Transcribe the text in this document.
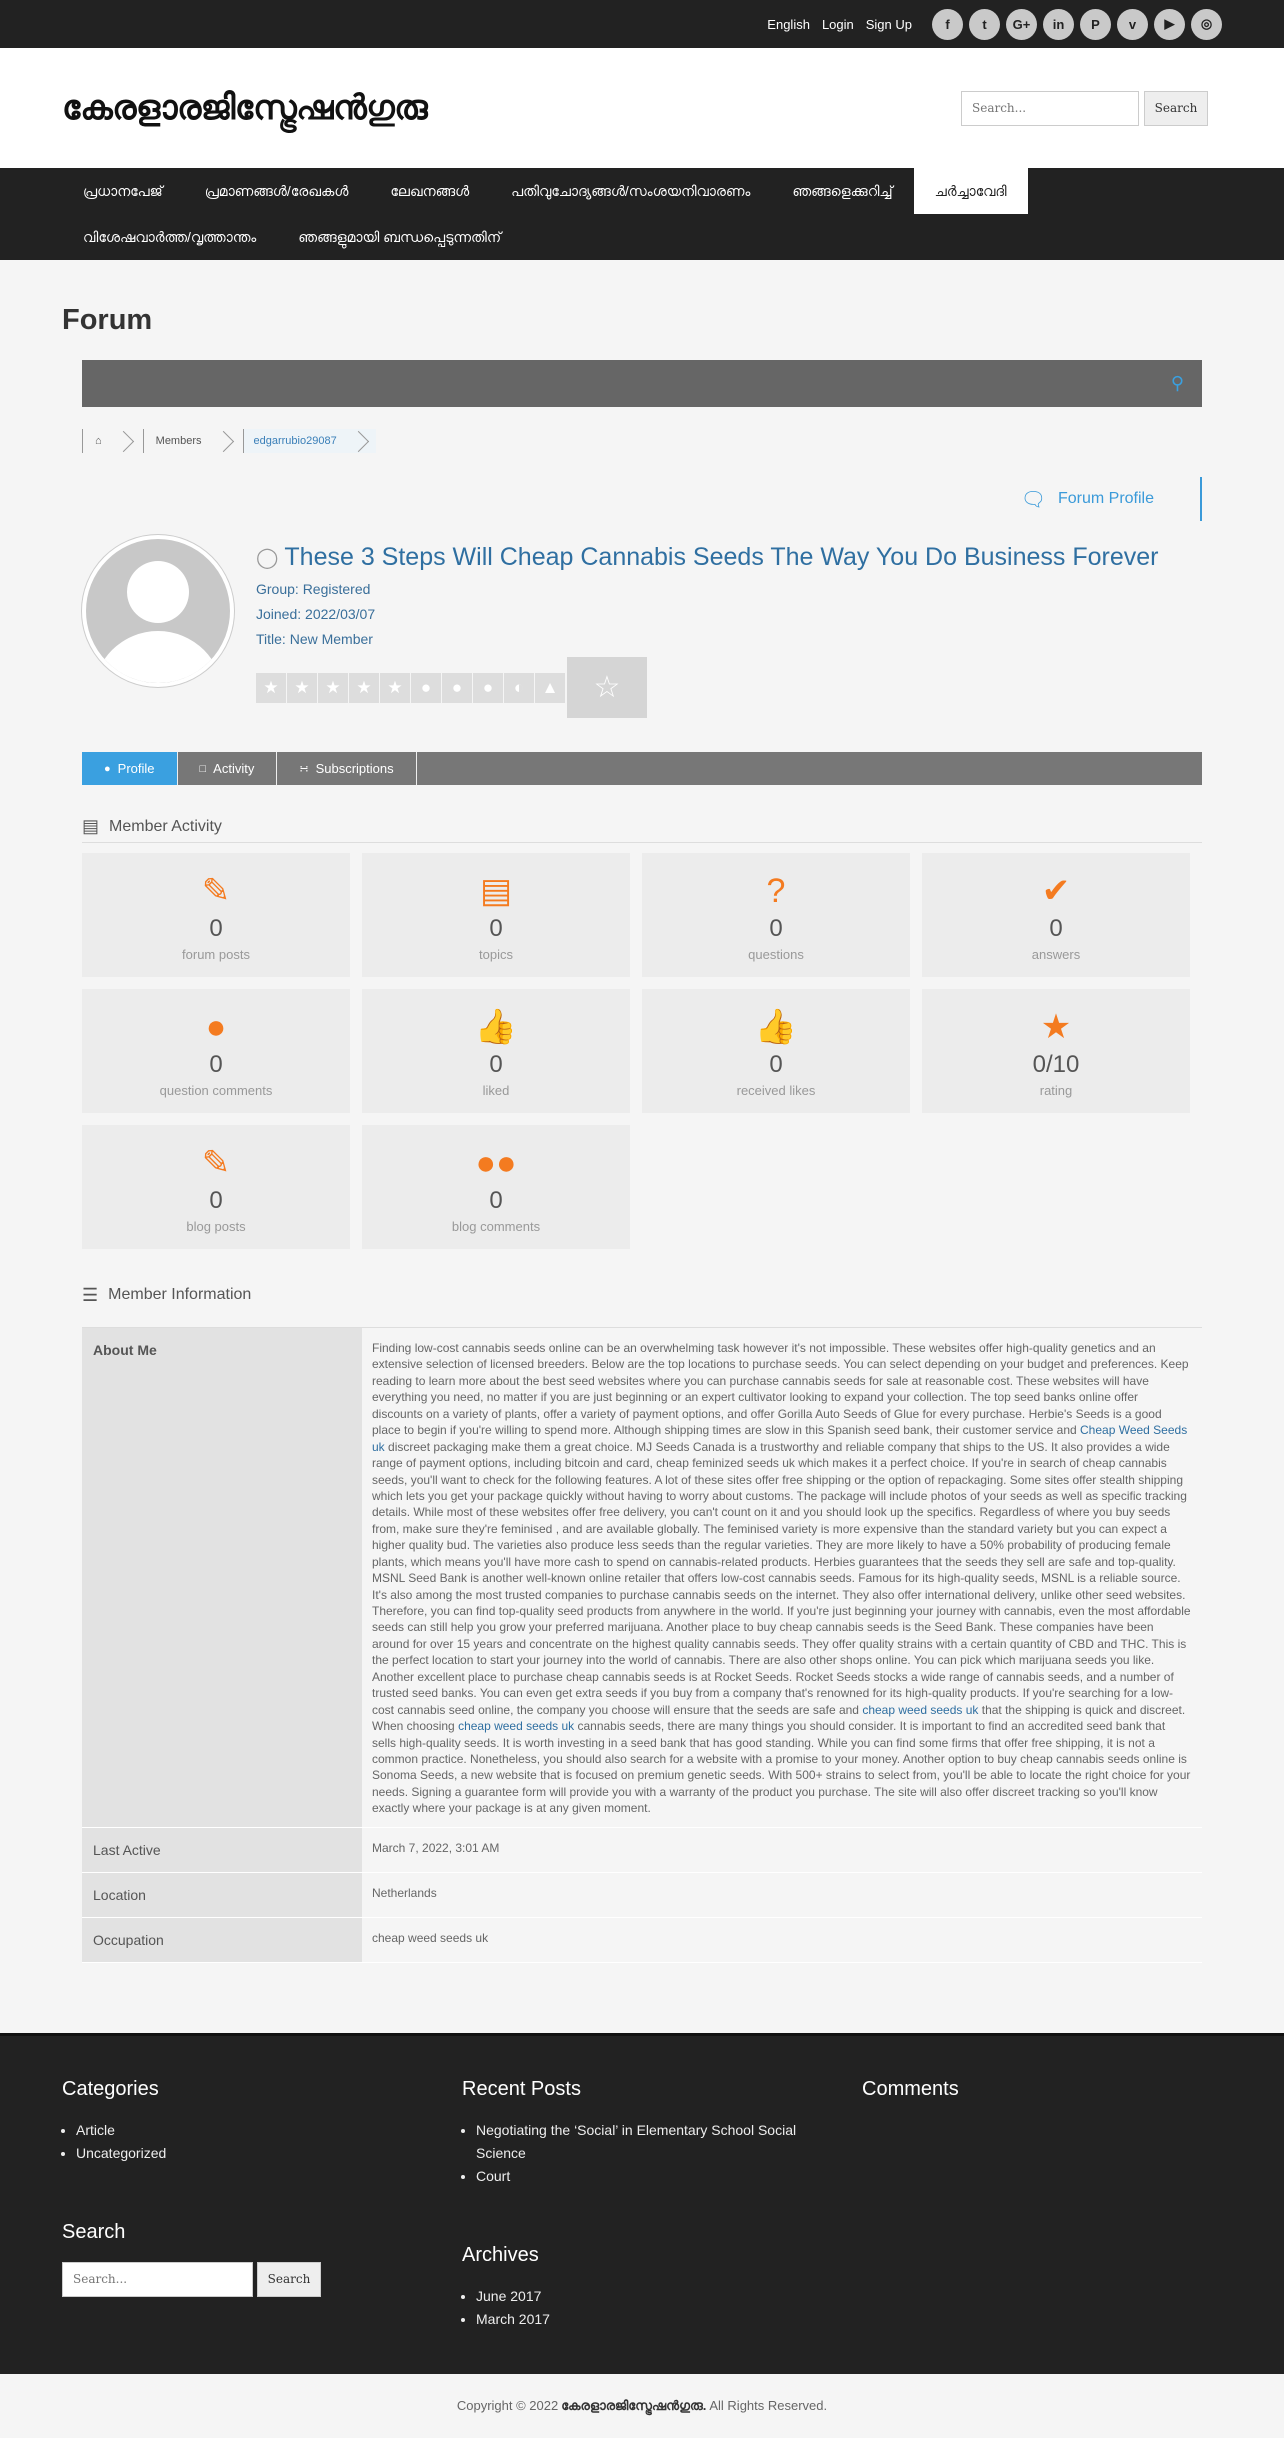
English Login Sign Up	f	t	G+	in	P	v	▶	◎
കേരളാരജിസ്ട്രേഷൻഗുരു
Search...	Search
പ്രധാനപേജ്	പ്രമാണങ്ങൾ/രേഖകൾ	ലേഖനങ്ങൾ	പതിവുചോദ്യങ്ങൾ/സംശയനിവാരണം	ഞങ്ങളെക്കുറിച്ച്	ചർച്ചാവേദി
വിശേഷവാർത്ത/വൃത്താന്തം	ഞങ്ങളുമായി ബന്ധപ്പെടുന്നതിന്
Forum
⚲
⌂	Members	edgarrubio29087
🗨 Forum Profile
◯ These 3 Steps Will Cheap Cannabis Seeds The Way You Do Business Forever
Group: Registered
Joined: 2022/03/07
Title: New Member
★ ★ ★ ★ ★	●	●	●	◐	▲	☆
● Profile	□ Activity	∺ Subscriptions
▤ Member Activity
✎
0
forum posts
▤
0
topics
?
0
questions
✔
0
answers
●
0
question comments
👍
0
liked
👍
0
received likes
★
0/10
rating
✎
0
blog posts
●●
0
blog comments
☰ Member Information
About Me	Finding low-cost cannabis seeds online can be an overwhelming task however it's not impossible. These websites offer high-quality genetics and an extensive selection of licensed breeders. Below are the top locations to purchase seeds. You can select depending on your budget and preferences. Keep reading to learn more about the best seed websites where you can purchase cannabis seeds for sale at reasonable cost. These websites will have everything you need, no matter if you are just beginning or an expert cultivator looking to expand your collection. The top seed banks online offer discounts on a variety of plants, offer a variety of payment options, and offer Gorilla Auto Seeds of Glue for every purchase. Herbie's Seeds is a good place to begin if you're willing to spend more. Although shipping times are slow in this Spanish seed bank, their customer service and Cheap Weed Seeds uk discreet packaging make them a great choice. MJ Seeds Canada is a trustworthy and reliable company that ships to the US. It also provides a wide range of payment options, including bitcoin and card, cheap feminized seeds uk which makes it a perfect choice. If you're in search of cheap cannabis seeds, you'll want to check for the following features. A lot of these sites offer free shipping or the option of repackaging. Some sites offer stealth shipping which lets you get your package quickly without having to worry about customs. The package will include photos of your seeds as well as specific tracking details. While most of these websites offer free delivery, you can't count on it and you should look up the specifics. Regardless of where you buy seeds from, make sure they're feminised , and are available globally. The feminised variety is more expensive than the standard variety but you can expect a higher quality bud. The varieties also produce less seeds than the regular varieties. They are more likely to have a 50% probability of producing female plants, which means you'll have more cash to spend on cannabis-related products. Herbies guarantees that the seeds they sell are safe and top-quality. MSNL Seed Bank is another well-known online retailer that offers low-cost cannabis seeds. Famous for its high-quality seeds, MSNL is a reliable source. It's also among the most trusted companies to purchase cannabis seeds on the internet. They also offer international delivery, unlike other seed websites. Therefore, you can find top-quality seed products from anywhere in the world. If you're just beginning your journey with cannabis, even the most affordable seeds can still help you grow your preferred marijuana. Another place to buy cheap cannabis seeds is the Seed Bank. These companies have been around for over 15 years and concentrate on the highest quality cannabis seeds. They offer quality strains with a certain quantity of CBD and THC. This is the perfect location to start your journey into the world of cannabis. There are also other shops online. You can pick which marijuana seeds you like. Another excellent place to purchase cheap cannabis seeds is at Rocket Seeds. Rocket Seeds stocks a wide range of cannabis seeds, and a number of trusted seed banks. You can even get extra seeds if you buy from a company that's renowned for its high-quality products. If you're searching for a low-cost cannabis seed online, the company you choose will ensure that the seeds are safe and cheap weed seeds uk that the shipping is quick and discreet. When choosing cheap weed seeds uk cannabis seeds, there are many things you should consider. It is important to find an accredited seed bank that sells high-quality seeds. It is worth investing in a seed bank that has good standing. While you can find some firms that offer free shipping, it is not a common practice. Nonetheless, you should also search for a website with a promise to your money. Another option to buy cheap cannabis seeds online is Sonoma Seeds, a new website that is focused on premium genetic seeds. With 500+ strains to select from, you'll be able to locate the right choice for your needs. Signing a guarantee form will provide you with a warranty of the product you purchase. The site will also offer discreet tracking so you'll know exactly where your package is at any given moment.
Last Active	March 7, 2022, 3:01 AM
Location	Netherlands
Occupation	cheap weed seeds uk
Categories
• Article
• Uncategorized
Search
Search...
Search
Recent Posts
• Negotiating the ‘Social’ in Elementary School Social Science
• Court
Archives
• June 2017
• March 2017
Comments
Copyright © 2022 കേരളാരജിസ്ട്രേഷൻഗുരു. All Rights Reserved.
